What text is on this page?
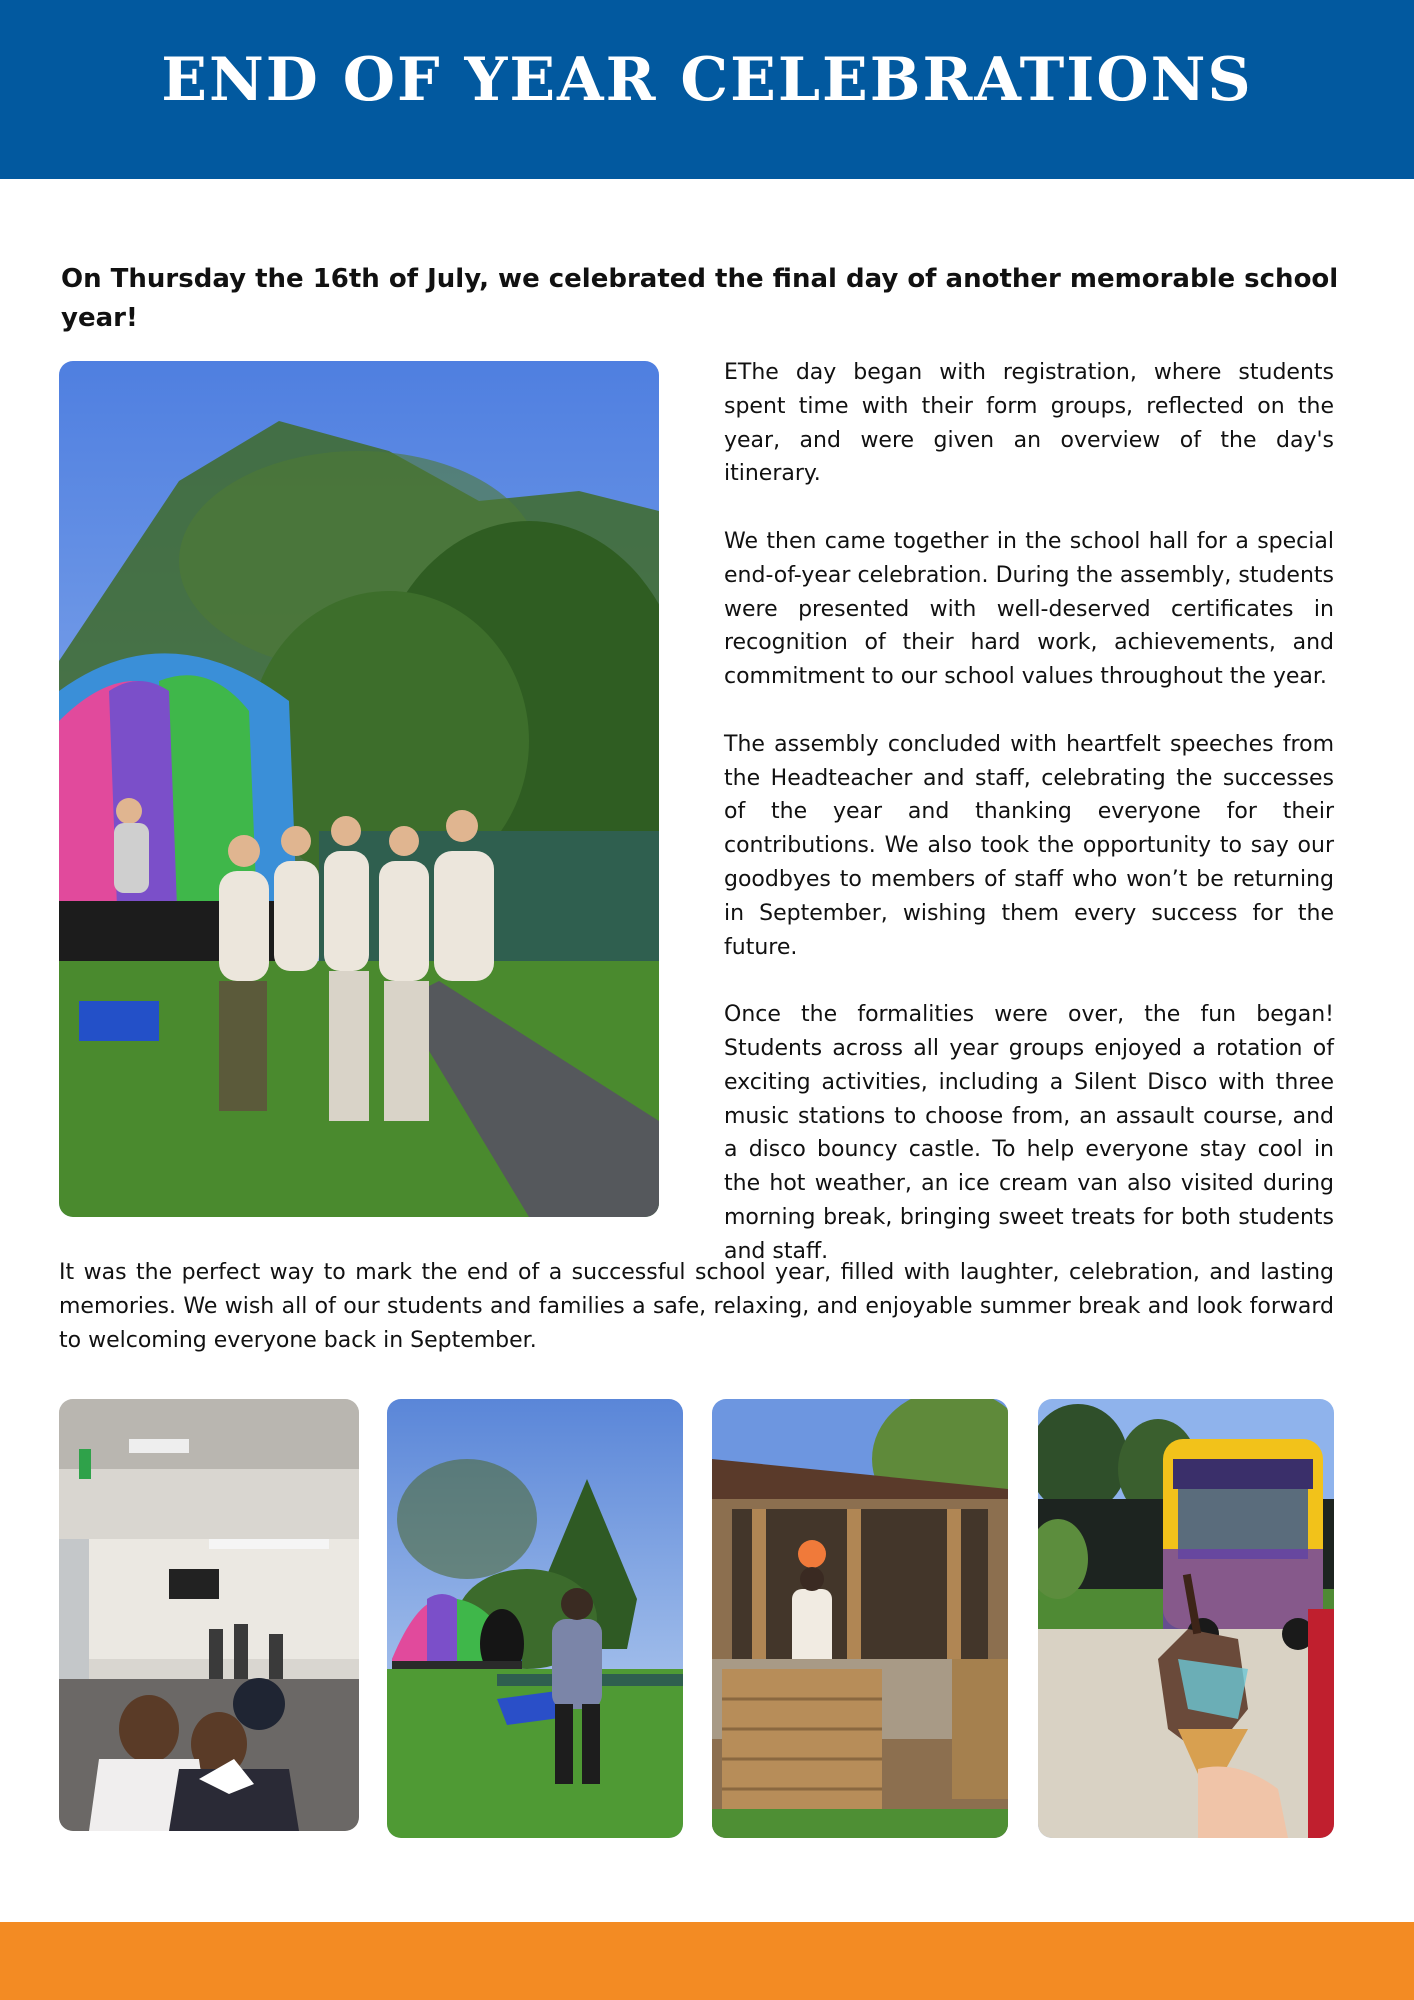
END OF YEAR CELEBRATIONS
On Thursday the 16th of July, we celebrated the final day of another memorable school year!

EThe day began with registration, where students spent time with their form groups, reflected on the year, and were given an overview of the day's itinerary.

We then came together in the school hall for a special end-of-year celebration. During the assembly, students were presented with well-deserved certificates in recognition of their hard work, achievements, and commitment to our school values throughout the year.

The assembly concluded with heartfelt speeches from the Headteacher and staff, celebrating the successes of the year and thanking everyone for their contributions. We also took the opportunity to say our goodbyes to members of staff who won’t be returning in September, wishing them every success for the future.

Once the formalities were over, the fun began! Students across all year groups enjoyed a rotation of exciting activities, including a Silent Disco with three music stations to choose from, an assault course, and a disco bouncy castle. To help everyone stay cool in the hot weather, an ice cream van also visited during morning break, bringing sweet treats for both students and staff.

It was the perfect way to mark the end of a successful school year, filled with laughter, celebration, and lasting memories. We wish all of our students and families a safe, relaxing, and enjoyable summer break and look forward to welcoming everyone back in September.
